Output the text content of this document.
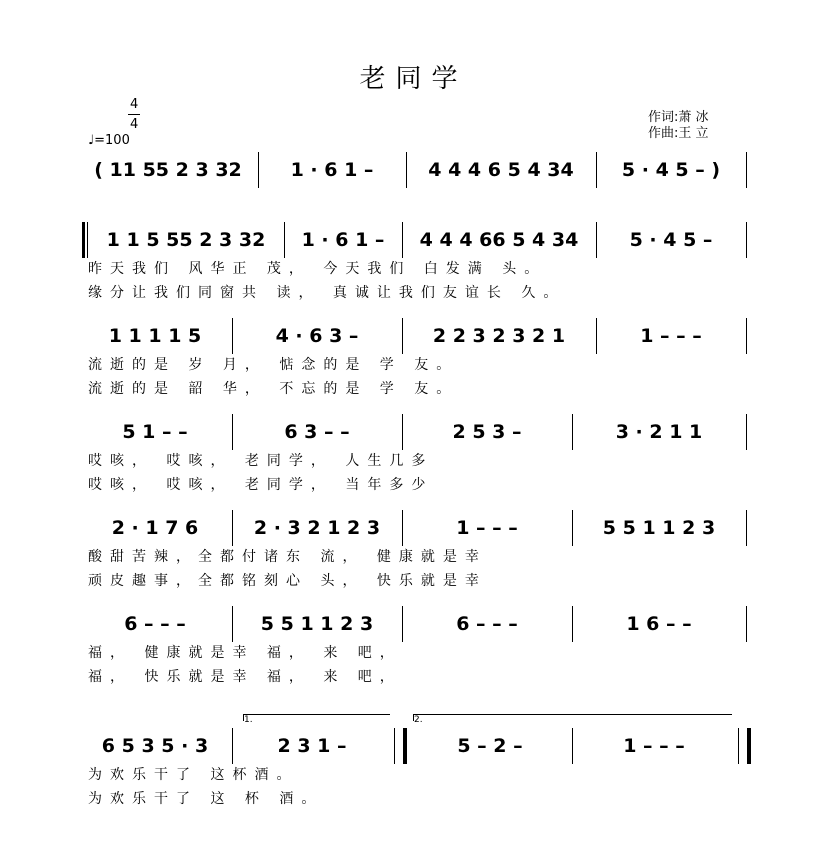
老同学
4
4
♩=100
作词:萧 冰
作曲:王 立
( 11 55 2 3 32	1 · 6 1 –	4 4 4 6 5 4 34	5 · 4 5 – )
1 1 5 55 2 3 32	1 · 6 1 –	4 4 4 66 5 4 34	5 · 4 5 –
昨天我们 风华正 茂， 今天我们 白发满 头。
缘分让我们同窗共 读， 真诚让我们友谊长 久。
1 1 1 1 5	4 · 6 3 –	2 2 3 2 3 2 1	1 – – –
流逝的是 岁 月， 惦念的是 学 友。
流逝的是 韶 华， 不忘的是 学 友。
5 1 – –	6 3 – –	2 5 3 –	3 · 2 1 1
哎咳， 哎咳， 老同学， 人生几多
哎咳， 哎咳， 老同学， 当年多少
2 · 1 7 6	2 · 3 2 1 2 3	1 – – –	5 5 1 1 2 3
酸甜苦辣，全都付诸东 流， 健康就是幸
顽皮趣事，全都铭刻心 头， 快乐就是幸
6 – – –	5 5 1 1 2 3	6 – – –	1 6 – –
福， 健康就是幸 福， 来 吧，
福， 快乐就是幸 福， 来 吧，
1.	2.
6 5 3 5 · 3	2 3 1 –	5 – 2 –	1 – – –
为欢乐干了 这杯酒。
为欢乐干了 这 杯 酒。
